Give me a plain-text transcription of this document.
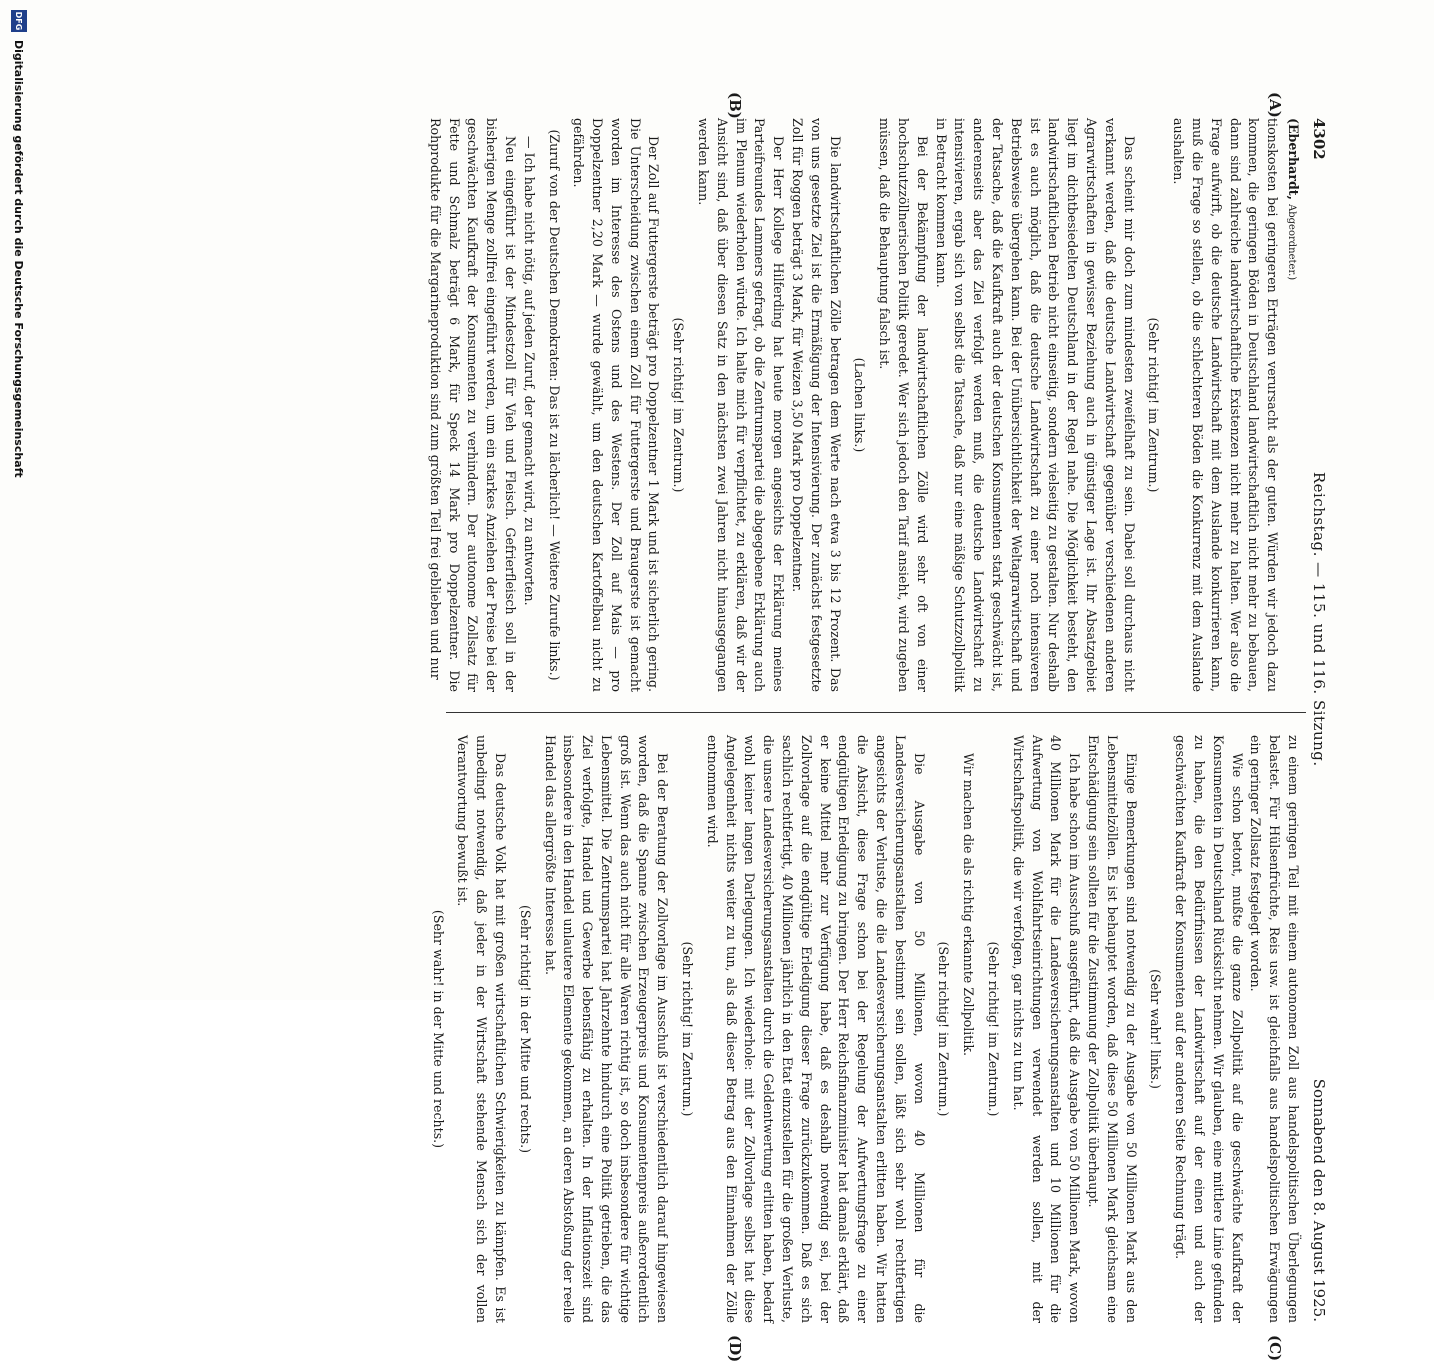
4302
Reichstag. — 115. und 116. Sitzung.
Sonnabend den 8. August 1925.
(A)
(B)
(C)
(D)

(Eberhardt, Abgeordneter.)

tionskosten bei geringeren Erträgen verursacht als der guten. Würden wir jedoch dazu kommen, die geringen Böden in Deutschland landwirtschaftlich nicht mehr zu bebauen, dann sind zahlreiche landwirtschaftliche Existenzen nicht mehr zu halten. Wer also die Frage aufwirft, ob die deutsche Landwirtschaft mit dem Auslande konkurrieren kann, muß die Frage so stellen, ob die schlechteren Böden die Konkurrenz mit dem Auslande aushalten.

(Sehr richtig! im Zentrum.)

Das scheint mir doch zum mindesten zweifelhaft zu sein. Dabei soll durchaus nicht verkannt werden, daß die deutsche Landwirtschaft gegenüber verschiedenen anderen Agrarwirtschaften in gewisser Beziehung auch in günstiger Lage ist. Ihr Absatzgebiet liegt im dichtbesiedelten Deutschland in der Regel nahe. Die Möglichkeit besteht, den landwirtschaftlichen Betrieb nicht einseitig, sondern vielseitig zu gestalten. Nur deshalb ist es auch möglich, daß die deutsche Landwirtschaft zu einer noch intensiveren Betriebsweise übergehen kann. Bei der Unübersichtlichkeit der Weltagrarwirtschaft und der Tatsache, daß die Kaufkraft auch der deutschen Konsumenten stark geschwächt ist, anderenseits aber das Ziel verfolgt werden muß, die deutsche Landwirtschaft zu intensivieren, ergab sich von selbst die Tatsache, daß nur eine mäßige Schutzzollpolitik in Betracht kommen kann.

Bei der Bekämpfung der landwirtschaftlichen Zölle wird sehr oft von einer hochschutzzöllnerischen Politik geredet. Wer sich jedoch den Tarif ansieht, wird zugeben müssen, daß die Behauptung falsch ist.

(Lachen links.)

Die landwirtschaftlichen Zölle betragen dem Werte nach etwa 3 bis 12 Prozent. Das von uns gesetzte Ziel ist die Ermäßigung der Intensivierung. Der zunächst festgesetzte Zoll für Roggen beträgt 3 Mark, für Weizen 3,50 Mark pro Doppelzentner.

Der Herr Kollege Hilferding hat heute morgen angesichts der Erklärung meines Parteifreundes Lammers gefragt, ob die Zentrumspartei die abgegebene Erklärung auch im Plenum wiederholen würde. Ich halte mich für verpflichtet, zu erklären, daß wir der Ansicht sind, daß über diesen Satz in den nächsten zwei Jahren nicht hinausgegangen werden kann.

(Sehr richtig! im Zentrum.)

Der Zoll auf Futtergerste beträgt pro Doppelzentner 1 Mark und ist sicherlich gering. Die Unterscheidung zwischen einem Zoll für Futtergerste und Braugerste ist gemacht worden im Interesse des Ostens und des Westens. Der Zoll auf Mais — pro Doppelzentner 2,20 Mark — wurde gewählt, um den deutschen Kartoffelbau nicht zu gefährden.

(Zuruf von der Deutschen Demokraten: Das ist zu lächerlich! — Weitere Zurufe links.)

— Ich habe nicht nötig, auf jeden Zuruf, der gemacht wird, zu antworten.

Neu eingeführt ist der Mindestzoll für Vieh und Fleisch. Gefrierfleisch soll in der bisherigen Menge zollfrei eingeführt werden, um ein starkes Anziehen der Preise bei der geschwächten Kaufkraft der Konsumenten zu verhindern. Der autonome Zollsatz für Fette und Schmalz beträgt 6 Mark, für Speck 14 Mark pro Doppelzentner. Die Rohprodukte für die Margarineproduktion sind zum größten Teil frei geblieben und nur

zu einem geringen Teil mit einem autonomen Zoll aus handelspolitischen Überlegungen belastet. Für Hülsenfrüchte, Reis usw. ist gleichfalls aus handelspolitischen Erwägungen ein geringer Zollsatz festgelegt worden.

Wie schon betont, mußte die ganze Zollpolitik auf die geschwächte Kaufkraft der Konsumenten in Deutschland Rücksicht nehmen. Wir glauben, eine mittlere Linie gefunden zu haben, die den Bedürfnissen der Landwirtschaft auf der einen und auch der geschwächten Kaufkraft der Konsumenten auf der anderen Seite Rechnung trägt.

(Sehr wahr! links.)

Einige Bemerkungen sind notwendig zu der Ausgabe von 50 Millionen Mark aus den Lebensmittelzöllen. Es ist behauptet worden, daß diese 50 Millionen Mark gleichsam eine Entschädigung sein sollten für die Zustimmung der Zollpolitik überhaupt.

Ich habe schon im Ausschuß ausgeführt, daß die Ausgabe von 50 Millionen Mark, wovon 40 Millionen Mark für die Landesversicherungsanstalten und 10 Millionen für die Aufwertung von Wohlfahrtseinrichtungen verwendet werden sollen, mit der Wirtschaftspolitik, die wir verfolgen, gar nichts zu tun hat.

(Sehr richtig! im Zentrum.)

Wir machen die als richtig erkannte Zollpolitik.

(Sehr richtig! im Zentrum.)

Die Ausgabe von 50 Millionen, wovon 40 Millionen für die Landesversicherungsanstalten bestimmt sein sollen, läßt sich sehr wohl rechtfertigen angesichts der Verluste, die die Landesversicherungsanstalten erlitten haben. Wir hatten die Absicht, diese Frage schon bei der Regelung der Aufwertungsfrage zu einer endgültigen Erledigung zu bringen. Der Herr Reichsfinanzminister hat damals erklärt, daß er keine Mittel mehr zur Verfügung habe, daß es deshalb notwendig sei, bei der Zollvorlage auf die endgültige Erledigung dieser Frage zurückzukommen. Daß es sich sachlich rechtfertigt, 40 Millionen jährlich in den Etat einzustellen für die großen Verluste, die unsere Landesversicherungsanstalten durch die Geldentwertung erlitten haben, bedarf wohl keiner langen Darlegungen. Ich wiederhole: mit der Zollvorlage selbst hat diese Angelegenheit nichts weiter zu tun, als daß dieser Betrag aus den Einnahmen der Zölle entnommen wird.

(Sehr richtig! im Zentrum.)

Bei der Beratung der Zollvorlage im Ausschuß ist verschiedentlich darauf hingewiesen worden, daß die Spanne zwischen Erzeugerpreis und Konsumentenpreis außerordentlich groß ist. Wenn das auch nicht für alle Waren richtig ist, so doch insbesondere für wichtige Lebensmittel. Die Zentrumspartei hat Jahrzehnte hindurch eine Politik getrieben, die das Ziel verfolgte, Handel und Gewerbe lebensfähig zu erhalten. In der Inflationszeit sind insbesondere in den Handel unlautere Elemente gekommen, an deren Abstoßung der reelle Handel das allergrößte Interesse hat.

(Sehr richtig! in der Mitte und rechts.)

Das deutsche Volk hat mit großen wirtschaftlichen Schwierigkeiten zu kämpfen. Es ist unbedingt notwendig, daß jeder in der Wirtschaft stehende Mensch sich der vollen Verantwortung bewußt ist.

(Sehr wahr! in der Mitte und rechts.)
DFG
Digitalisierung gefördert durch die Deutsche Forschungsgemeinschaft
